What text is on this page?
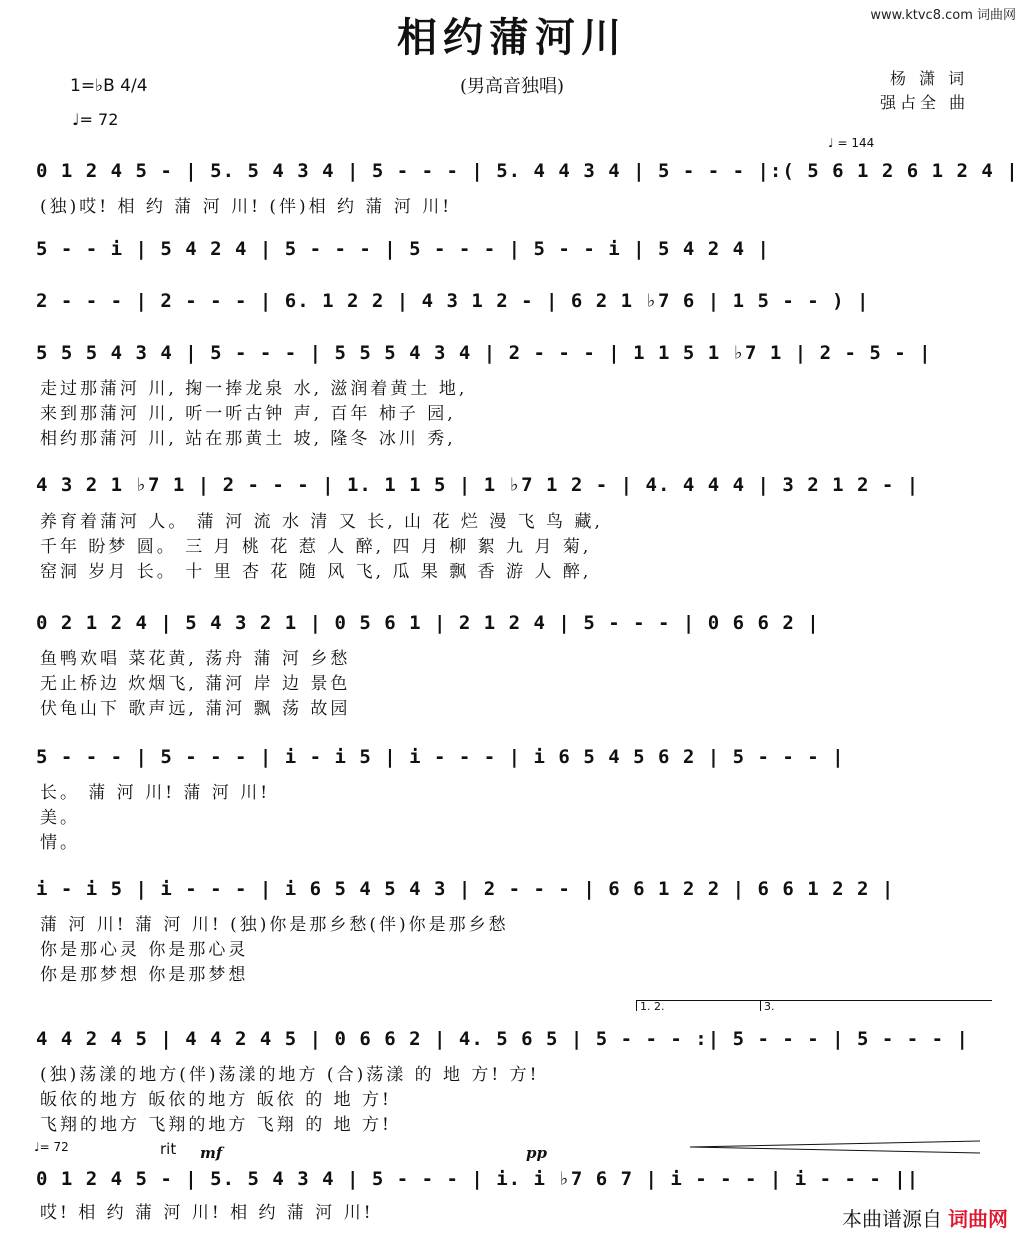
相约蒲河川	www.ktvc8.com 词曲网
(男高音独唱)	杨 潇 词
强占全 曲
1=♭B 4/4
♩= 72
♩ = 144
0 1 2 4 5 - | 5. 5 4 3 4 | 5 - - - | 5. 4 4 3 4 | 5 - - - |:( 5 6 1 2 6 1 2 4 |
(独)哎! 相 约 蒲 河 川! (伴)相 约 蒲 河 川!
5 - - i | 5 4 2 4 | 5 - - - | 5 - - - | 5 - - i | 5 4 2 4 |
2 - - - | 2 - - - | 6. 1 2 2 | 4 3 1 2 - | 6 2 1 ♭7 6 | 1 5 - - ) |
5 5 5 4 3 4 | 5 - - - | 5 5 5 4 3 4 | 2 - - - | 1 1 5 1 ♭7 1 | 2 - 5 - |
走过那蒲河 川, 掬一捧龙泉 水, 滋润着黄土 地,
来到那蒲河 川, 听一听古钟 声, 百年 柿子 园,
相约那蒲河 川, 站在那黄土 坡, 隆冬 冰川 秀,
4 3 2 1 ♭7 1 | 2 - - - | 1. 1 1 5 | 1 ♭7 1 2 - | 4. 4 4 4 | 3 2 1 2 - |
养育着蒲河 人。 蒲 河 流 水 清 又 长, 山 花 烂 漫 飞 鸟 藏,
千年 盼梦 圆。 三 月 桃 花 惹 人 醉, 四 月 柳 絮 九 月 菊,
窑洞 岁月 长。 十 里 杏 花 随 风 飞, 瓜 果 飘 香 游 人 醉,
0 2 1 2 4 | 5 4 3 2 1 | 0 5 6 1 | 2 1 2 4 | 5 - - - | 0 6 6 2 |
鱼鸭欢唱 菜花黄, 荡舟 蒲 河 乡愁
无止桥边 炊烟飞, 蒲河 岸 边 景色
伏龟山下 歌声远, 蒲河 飘 荡 故园
5 - - - | 5 - - - | i - i 5 | i - - - | i 6 5 4 5 6 2 | 5 - - - |
长。 蒲 河 川! 蒲 河 川!
美。
情。
i - i 5 | i - - - | i 6 5 4 5 4 3 | 2 - - - | 6 6 1 2 2 | 6 6 1 2 2 |
蒲 河 川! 蒲 河 川! (独)你是那乡愁(伴)你是那乡愁
你是那心灵 你是那心灵
你是那梦想 你是那梦想
1. 2.	3.
4 4 2 4 5 | 4 4 2 4 5 | 0 6 6 2 | 4. 5 6 5 | 5 - - - :| 5 - - - | 5 - - - |
(独)荡漾的地方(伴)荡漾的地方 (合)荡漾 的 地 方! 方!
皈依的地方 皈依的地方 皈依 的 地 方!
飞翔的地方 飞翔的地方 飞翔 的 地 方!
♩= 72	rit mf	pp
0 1 2 4 5 - | 5. 5 4 3 4 | 5 - - - | i. i ♭7 6 7 | i - - - | i - - - ||
哎! 相 约 蒲 河 川! 相 约 蒲 河 川!	本曲谱源自 词曲网
